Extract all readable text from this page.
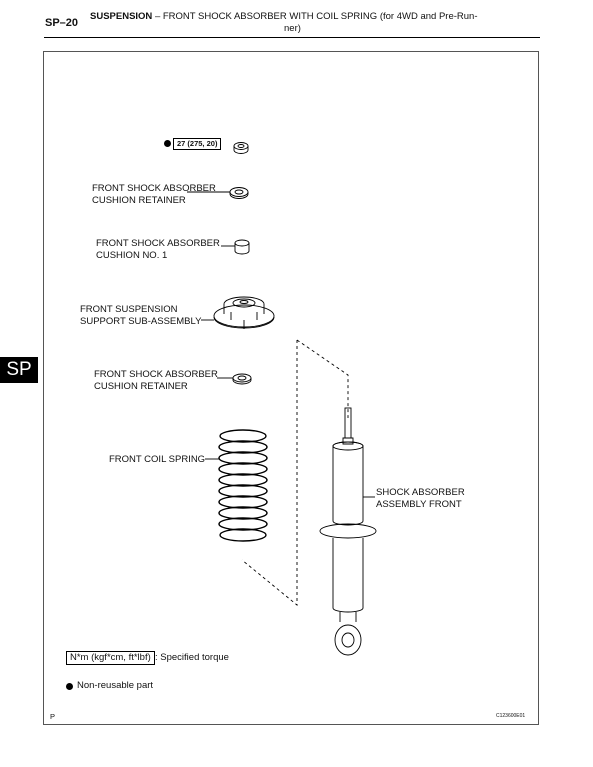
SP–20
SUSPENSION – FRONT SHOCK ABSORBER WITH COIL SPRING (for 4WD and Pre-Run-
ner)
SP
27 (275, 20)
FRONT SHOCK ABSORBER
CUSHION RETAINER
FRONT SHOCK ABSORBER
CUSHION NO. 1
FRONT SUSPENSION
SUPPORT SUB-ASSEMBLY
FRONT SHOCK ABSORBER
CUSHION RETAINER
FRONT COIL SPRING
SHOCK ABSORBER
ASSEMBLY FRONT
N*m (kgf*cm, ft*lbf) : Specified torque
Non-reusable part
P	C123600E01
